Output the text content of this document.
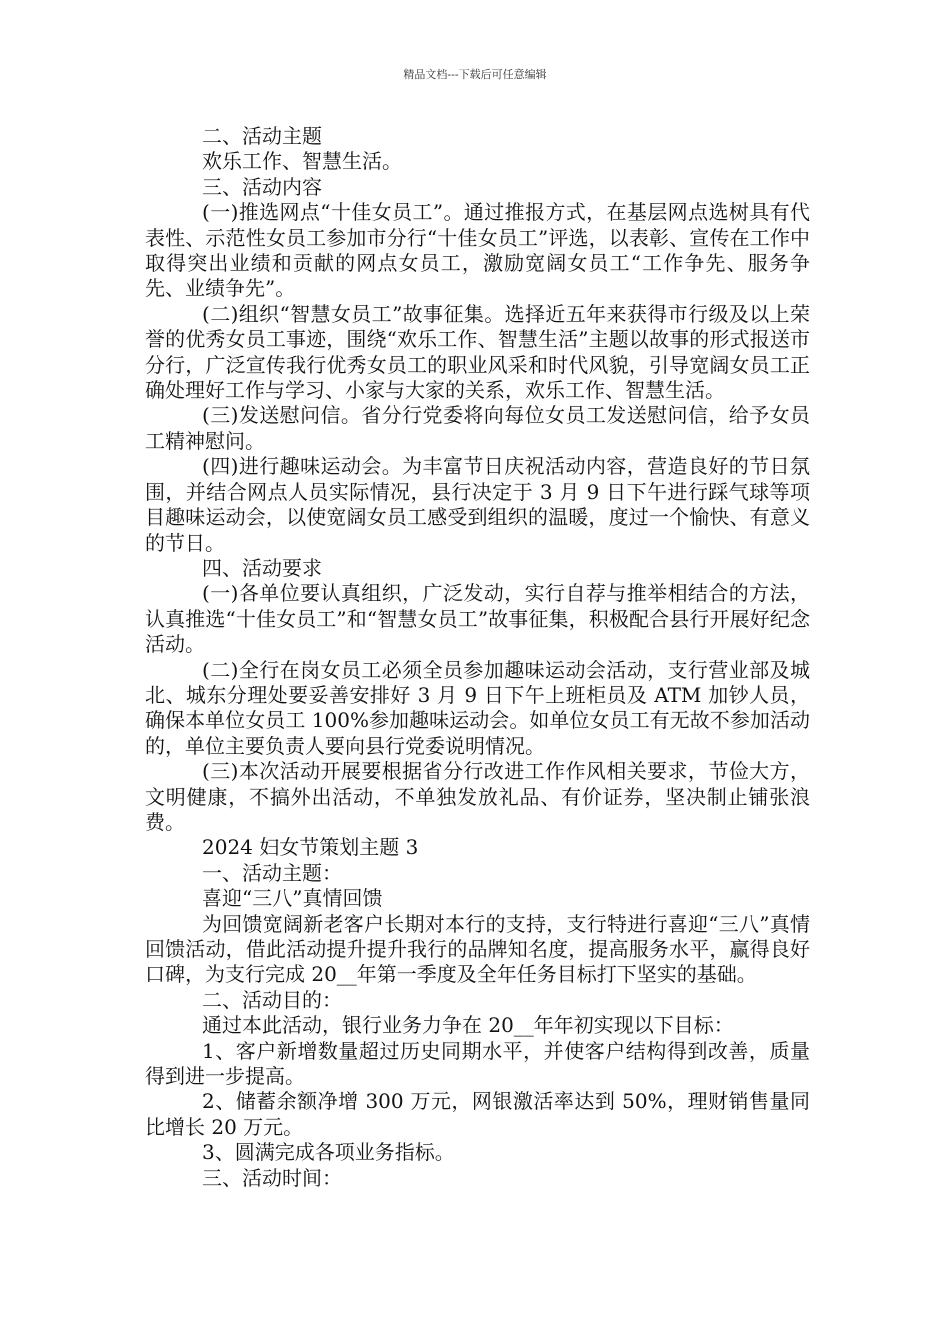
精品文档---下载后可任意编辑

二、活动主题

欢乐工作、智慧生活。

三、活动内容

(一)推选网点“十佳女员工”。通过推报方式，在基层网点选树具有代表性、示范性女员工参加市分行“十佳女员工”评选，以表彰、宣传在工作中取得突出业绩和贡献的网点女员工，激励宽阔女员工“工作争先、服务争先、业绩争先”。

(二)组织“智慧女员工”故事征集。选择近五年来获得市行级及以上荣誉的优秀女员工事迹，围绕“欢乐工作、智慧生活”主题以故事的形式报送市分行，广泛宣传我行优秀女员工的职业风采和时代风貌，引导宽阔女员工正确处理好工作与学习、小家与大家的关系，欢乐工作、智慧生活。

(三)发送慰问信。省分行党委将向每位女员工发送慰问信，给予女员工精神慰问。

(四)进行趣味运动会。为丰富节日庆祝活动内容，营造良好的节日氛围，并结合网点人员实际情况，县行决定于 3 月 9 日下午进行踩气球等项目趣味运动会，以使宽阔女员工感受到组织的温暖，度过一个愉快、有意义的节日。

四、活动要求

(一)各单位要认真组织，广泛发动，实行自荐与推举相结合的方法，认真推选“十佳女员工”和“智慧女员工”故事征集，积极配合县行开展好纪念活动。

(二)全行在岗女员工必须全员参加趣味运动会活动，支行营业部及城北、城东分理处要妥善安排好 3 月 9 日下午上班柜员及 ATM 加钞人员，确保本单位女员工 100%参加趣味运动会。如单位女员工有无故不参加活动的，单位主要负责人要向县行党委说明情况。

(三)本次活动开展要根据省分行改进工作作风相关要求，节俭大方，文明健康，不搞外出活动，不单独发放礼品、有价证券，坚决制止铺张浪费。

2024 妇女节策划主题 3

一、活动主题：

喜迎“三八”真情回馈

为回馈宽阔新老客户长期对本行的支持，支行特进行喜迎“三八”真情回馈活动，借此活动提升提升我行的品牌知名度，提高服务水平，赢得良好口碑，为支行完成 20__年第一季度及全年任务目标打下坚实的基础。

二、活动目的：

通过本此活动，银行业务力争在 20__年年初实现以下目标：

1、客户新增数量超过历史同期水平，并使客户结构得到改善，质量得到进一步提高。

2、储蓄余额净增 300 万元，网银激活率达到 50%，理财销售量同比增长 20 万元。

3、圆满完成各项业务指标。

三、活动时间：
